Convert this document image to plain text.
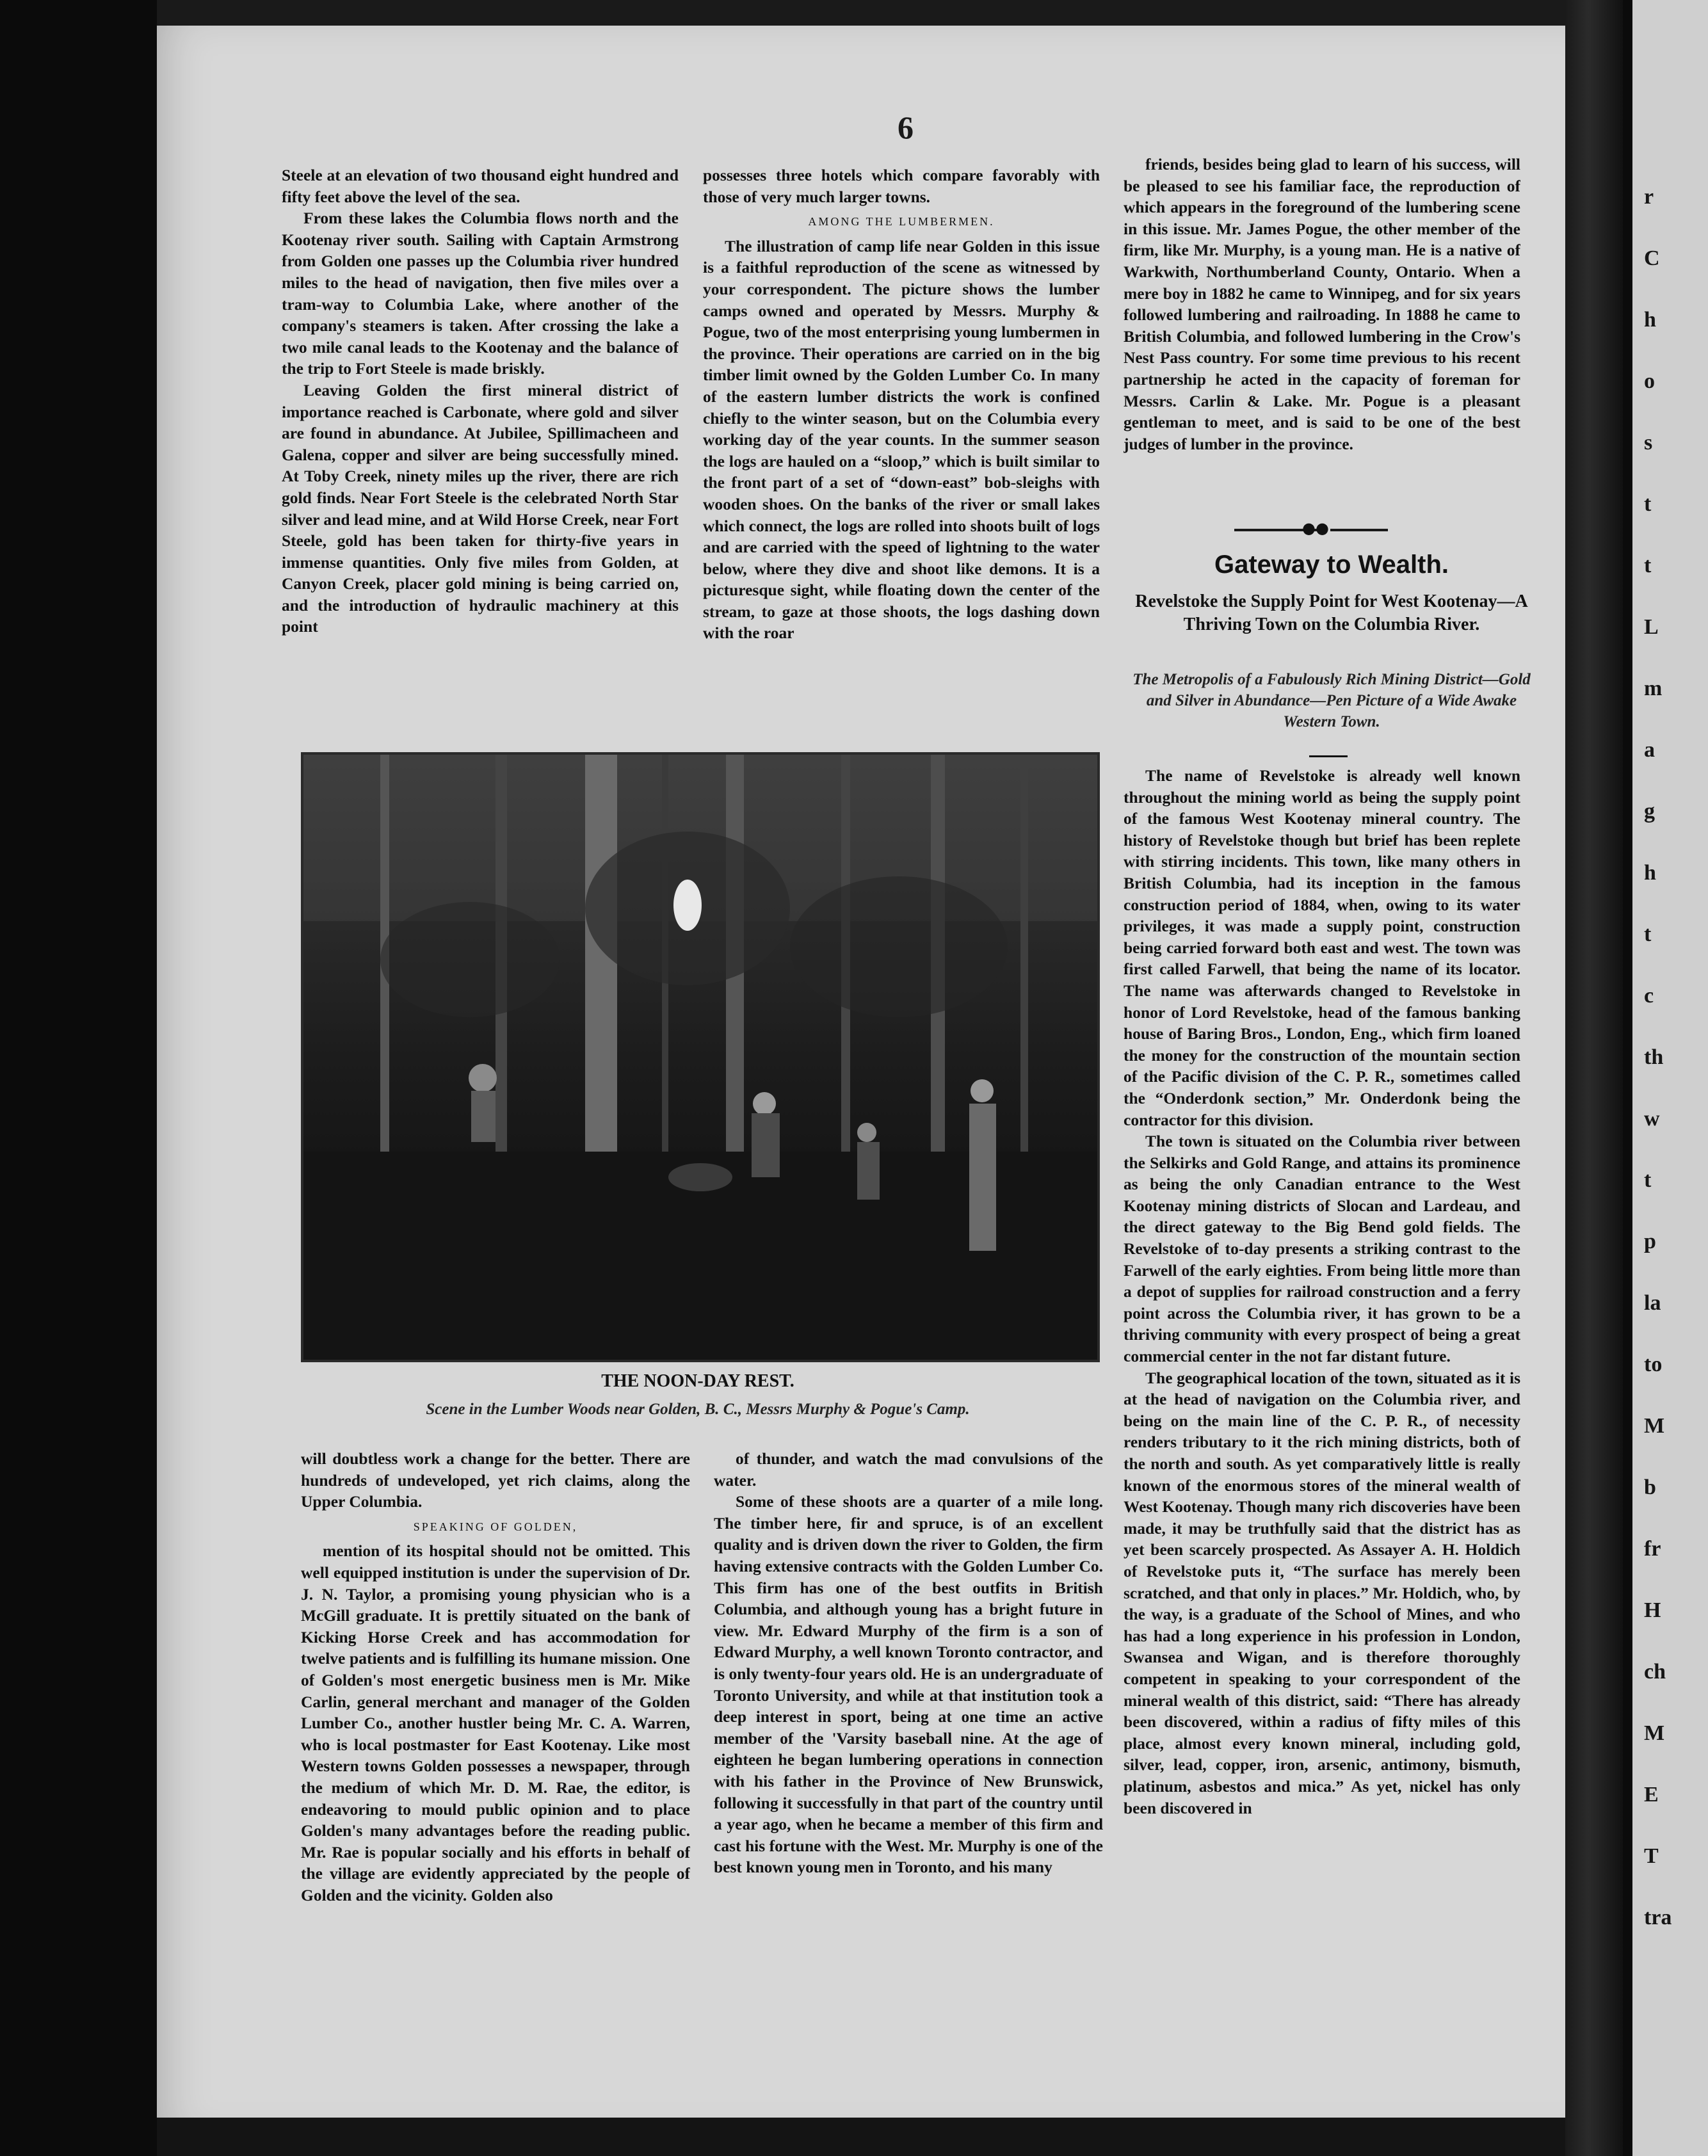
6

Steele at an elevation of two thousand eight hundred and fifty feet above the level of the sea.

From these lakes the Columbia flows north and the Kootenay river south. Sailing with Captain Armstrong from Golden one passes up the Columbia river hundred miles to the head of navigation, then five miles over a tram-way to Columbia Lake, where another of the company's steamers is taken. After crossing the lake a two mile canal leads to the Kootenay and the balance of the trip to Fort Steele is made briskly.

Leaving Golden the first mineral district of importance reached is Carbonate, where gold and silver are found in abundance. At Jubilee, Spillimacheen and Galena, copper and silver are being successfully mined. At Toby Creek, ninety miles up the river, there are rich gold finds. Near Fort Steele is the celebrated North Star silver and lead mine, and at Wild Horse Creek, near Fort Steele, gold has been taken for thirty-five years in immense quantities. Only five miles from Golden, at Canyon Creek, placer gold mining is being carried on, and the introduction of hydraulic machinery at this point

possesses three hotels which compare favorably with those of very much larger towns.

AMONG THE LUMBERMEN.

The illustration of camp life near Golden in this issue is a faithful reproduction of the scene as witnessed by your correspondent. The picture shows the lumber camps owned and operated by Messrs. Murphy & Pogue, two of the most enterprising young lumbermen in the province. Their operations are carried on in the big timber limit owned by the Golden Lumber Co. In many of the eastern lumber districts the work is confined chiefly to the winter season, but on the Columbia every working day of the year counts. In the summer season the logs are hauled on a “sloop,” which is built similar to the front part of a set of “down-east” bob-sleighs with wooden shoes. On the banks of the river or small lakes which connect, the logs are rolled into shoots built of logs and are carried with the speed of lightning to the water below, where they dive and shoot like demons. It is a picturesque sight, while floating down the center of the stream, to gaze at those shoots, the logs dashing down with the roar

friends, besides being glad to learn of his success, will be pleased to see his familiar face, the reproduction of which appears in the foreground of the lumbering scene in this issue. Mr. James Pogue, the other member of the firm, like Mr. Murphy, is a young man. He is a native of Warkwith, Northumberland County, Ontario. When a mere boy in 1882 he came to Winnipeg, and for six years followed lumbering and railroading. In 1888 he came to British Columbia, and followed lumbering in the Crow's Nest Pass country. For some time previous to his recent partnership he acted in the capacity of foreman for Messrs. Carlin & Lake. Mr. Pogue is a pleasant gentleman to meet, and is said to be one of the best judges of lumber in the province.

●●
Gateway to Wealth.
Revelstoke the Supply Point for West Kootenay—A Thriving Town on the Columbia River.
The Metropolis of a Fabulously Rich Mining District—Gold and Silver in Abundance—Pen Picture of a Wide Awake Western Town.

The name of Revelstoke is already well known throughout the mining world as being the supply point of the famous West Kootenay mineral country. The history of Revelstoke though but brief has been replete with stirring incidents. This town, like many others in British Columbia, had its inception in the famous construction period of 1884, when, owing to its water privileges, it was made a supply point, construction being carried forward both east and west. The town was first called Farwell, that being the name of its locator. The name was afterwards changed to Revelstoke in honor of Lord Revelstoke, head of the famous banking house of Baring Bros., London, Eng., which firm loaned the money for the construction of the mountain section of the Pacific division of the C. P. R., sometimes called the “Onderdonk section,” Mr. Onderdonk being the contractor for this division.

The town is situated on the Columbia river between the Selkirks and Gold Range, and attains its prominence as being the only Canadian entrance to the West Kootenay mining districts of Slocan and Lardeau, and the direct gateway to the Big Bend gold fields. The Revelstoke of to-day presents a striking contrast to the Farwell of the early eighties. From being little more than a depot of supplies for railroad construction and a ferry point across the Columbia river, it has grown to be a thriving community with every prospect of being a great commercial center in the not far distant future.

The geographical location of the town, situated as it is at the head of navigation on the Columbia river, and being on the main line of the C. P. R., of necessity renders tributary to it the rich mining districts, both of the north and south. As yet comparatively little is really known of the enormous stores of the mineral wealth of West Kootenay. Though many rich discoveries have been made, it may be truthfully said that the district has as yet been scarcely prospected. As Assayer A. H. Holdich of Revelstoke puts it, “The surface has merely been scratched, and that only in places.” Mr. Holdich, who, by the way, is a graduate of the School of Mines, and who has had a long experience in his profession in London, Swansea and Wigan, and is therefore thoroughly competent in speaking to your correspondent of the mineral wealth of this district, said: “There has already been discovered, within a radius of fifty miles of this place, almost every known mineral, including gold, silver, lead, copper, iron, arsenic, antimony, bismuth, platinum, asbestos and mica.” As yet, nickel has only been discovered in

THE NOON-DAY REST.
Scene in the Lumber Woods near Golden, B. C., Messrs Murphy & Pogue's Camp.

will doubtless work a change for the better. There are hundreds of undeveloped, yet rich claims, along the Upper Columbia.

SPEAKING OF GOLDEN,

mention of its hospital should not be omitted. This well equipped institution is under the supervision of Dr. J. N. Taylor, a promising young physician who is a McGill graduate. It is prettily situated on the bank of Kicking Horse Creek and has accommodation for twelve patients and is fulfilling its humane mission. One of Golden's most energetic business men is Mr. Mike Carlin, general merchant and manager of the Golden Lumber Co., another hustler being Mr. C. A. Warren, who is local postmaster for East Kootenay. Like most Western towns Golden possesses a newspaper, through the medium of which Mr. D. M. Rae, the editor, is endeavoring to mould public opinion and to place Golden's many advantages before the reading public. Mr. Rae is popular socially and his efforts in behalf of the village are evidently appreciated by the people of Golden and the vicinity. Golden also

of thunder, and watch the mad convulsions of the water.

Some of these shoots are a quarter of a mile long. The timber here, fir and spruce, is of an excellent quality and is driven down the river to Golden, the firm having extensive contracts with the Golden Lumber Co. This firm has one of the best outfits in British Columbia, and although young has a bright future in view. Mr. Edward Murphy of the firm is a son of Edward Murphy, a well known Toronto contractor, and is only twenty-four years old. He is an undergraduate of Toronto University, and while at that institution took a deep interest in sport, being at one time an active member of the 'Varsity baseball nine. At the age of eighteen he began lumbering operations in connection with his father in the Province of New Brunswick, following it successfully in that part of the country until a year ago, when he became a member of this firm and cast his fortune with the West. Mr. Murphy is one of the best known young men in Toronto, and his many

r
C
h
o
s
t
t
L
m
a
g
h
t
c
th
w
t
p
la
to
M
b
fr
H
ch
M
E
T
tra
